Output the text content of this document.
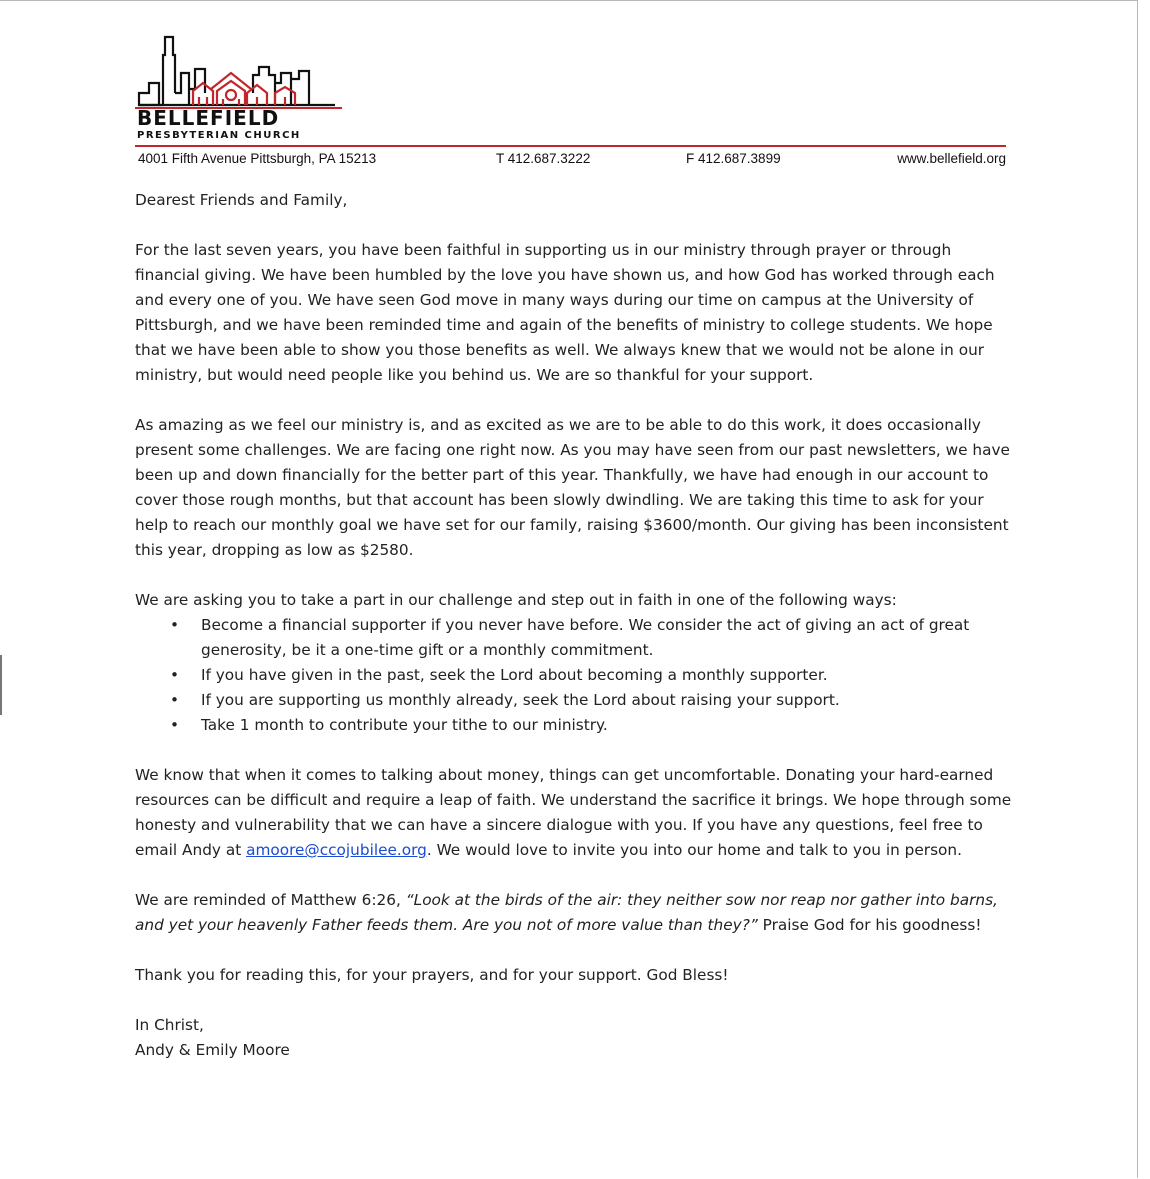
BELLEFIELD
PRESBYTERIAN CHURCH
4001 Fifth Avenue Pittsburgh, PA 15213	T 412.687.3222	F 412.687.3899	www.bellefield.org

Dearest Friends and Family,

For the last seven years, you have been faithful in supporting us in our ministry through prayer or through financial giving. We have been humbled by the love you have shown us, and how God has worked through each and every one of you. We have seen God move in many ways during our time on campus at the University of Pittsburgh, and we have been reminded time and again of the benefits of ministry to college students. We hope that we have been able to show you those benefits as well. We always knew that we would not be alone in our ministry, but would need people like you behind us. We are so thankful for your support.

As amazing as we feel our ministry is, and as excited as we are to be able to do this work, it does occasionally present some challenges. We are facing one right now. As you may have seen from our past newsletters, we have been up and down financially for the better part of this year. Thankfully, we have had enough in our account to cover those rough months, but that account has been slowly dwindling. We are taking this time to ask for your help to reach our monthly goal we have set for our family, raising $3600/month. Our giving has been inconsistent this year, dropping as low as $2580.

We are asking you to take a part in our challenge and step out in faith in one of the following ways:

• Become a financial supporter if you never have before. We consider the act of giving an act of great generosity, be it a one-time gift or a monthly commitment.
• If you have given in the past, seek the Lord about becoming a monthly supporter.
• If you are supporting us monthly already, seek the Lord about raising your support.
• Take 1 month to contribute your tithe to our ministry.

We know that when it comes to talking about money, things can get uncomfortable. Donating your hard-earned resources can be difficult and require a leap of faith. We understand the sacrifice it brings. We hope through some honesty and vulnerability that we can have a sincere dialogue with you. If you have any questions, feel free to email Andy at amoore@ccojubilee.org. We would love to invite you into our home and talk to you in person.

We are reminded of Matthew 6:26, “Look at the birds of the air: they neither sow nor reap nor gather into barns, and yet your heavenly Father feeds them. Are you not of more value than they?” Praise God for his goodness!

Thank you for reading this, for your prayers, and for your support. God Bless!

In Christ,

Andy & Emily Moore
